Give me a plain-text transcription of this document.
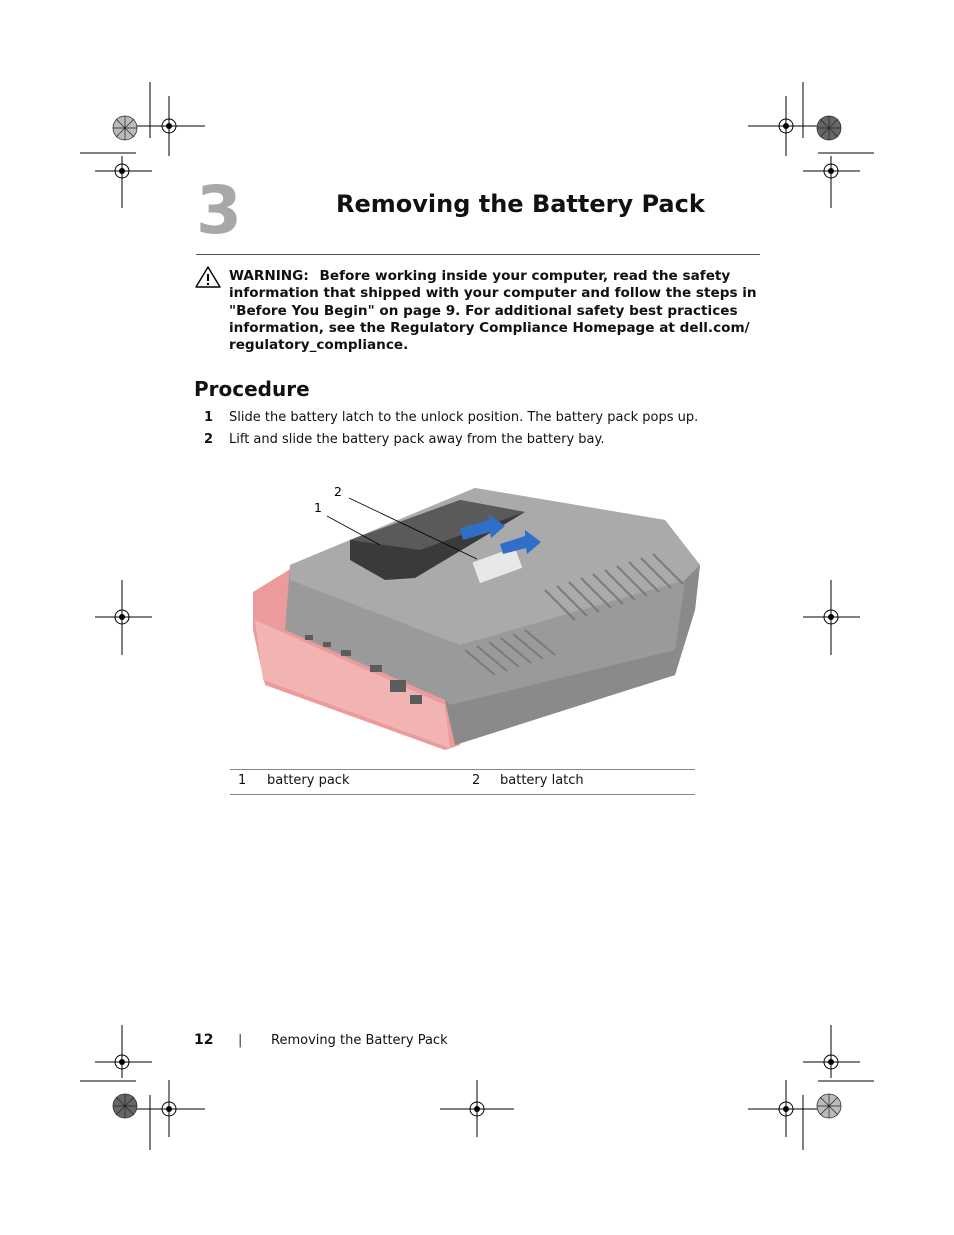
3	Removing the Battery Pack
WARNING: Before working inside your computer, read the safety information that shipped with your computer and follow the steps in "Before You Begin" on page 9. For additional safety best practices information, see the Regulatory Compliance Homepage at dell.com/ regulatory_compliance.
Procedure
1 Slide the battery latch to the unlock position. The battery pack pops up.
2 Lift and slide the battery pack away from the battery bay.
1
2
1 battery pack	2 battery latch
12 | Removing the Battery Pack
